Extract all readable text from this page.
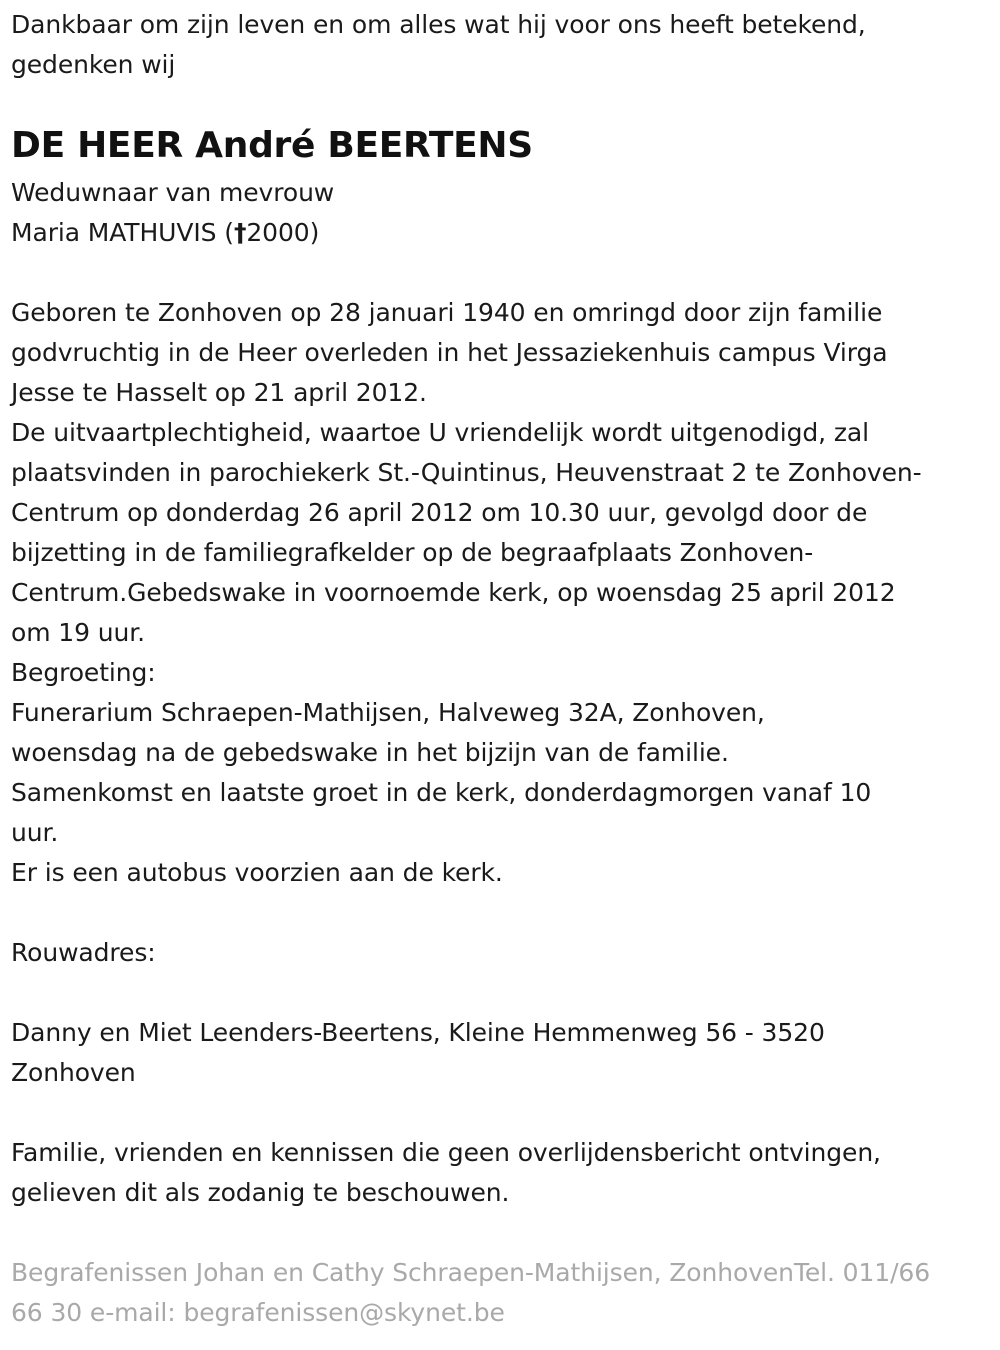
Dankbaar om zijn leven en om alles wat hij voor ons heeft betekend,

gedenken wij

DE HEER André BEERTENS

Weduwnaar van mevrouw

Maria MATHUVIS (†2000)

Geboren te Zonhoven op 28 januari 1940 en omringd door zijn familie

godvruchtig in de Heer overleden in het Jessaziekenhuis campus Virga

Jesse te Hasselt op 21 april 2012.

De uitvaartplechtigheid, waartoe U vriendelijk wordt uitgenodigd, zal

plaatsvinden in parochiekerk St.-Quintinus, Heuvenstraat 2 te Zonhoven-

Centrum op donderdag 26 april 2012 om 10.30 uur, gevolgd door de

bijzetting in de familiegrafkelder op de begraafplaats Zonhoven-

Centrum.Gebedswake in voornoemde kerk, op woensdag 25 april 2012

om 19 uur.

Begroeting:

Funerarium Schraepen-Mathijsen, Halveweg 32A, Zonhoven,

woensdag na de gebedswake in het bijzijn van de familie.

Samenkomst en laatste groet in de kerk, donderdagmorgen vanaf 10

uur.

Er is een autobus voorzien aan de kerk.

Rouwadres:

Danny en Miet Leenders-Beertens, Kleine Hemmenweg 56 - 3520

Zonhoven

Familie, vrienden en kennissen die geen overlijdensbericht ontvingen,

gelieven dit als zodanig te beschouwen.

Begrafenissen Johan en Cathy Schraepen-Mathijsen, ZonhovenTel. 011/66

66 30 e-mail: begrafenissen@skynet.be
